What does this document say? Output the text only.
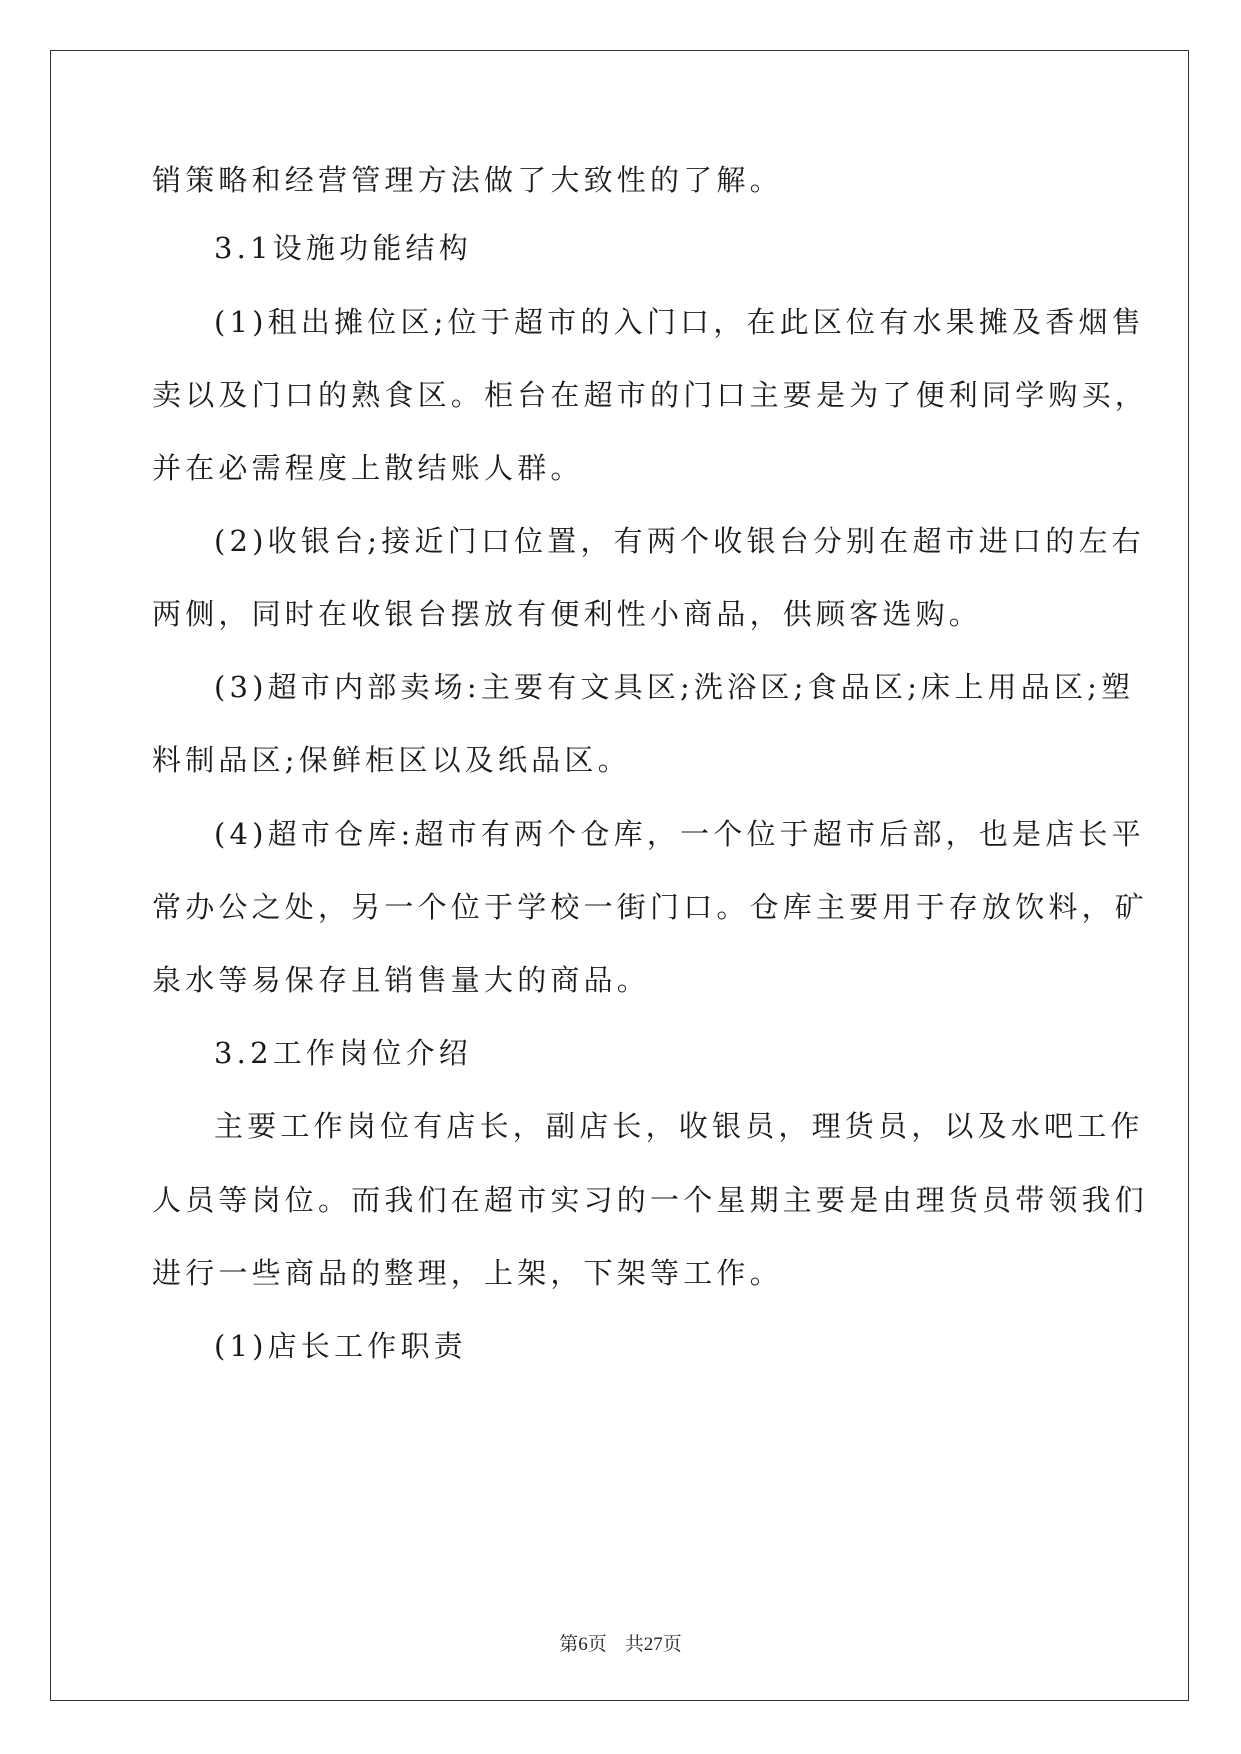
销策略和经营管理方法做了大致性的了解。
3.1设施功能结构
(1)租出摊位区;位于超市的入门口，在此区位有水果摊及香烟售
卖以及门口的熟食区。柜台在超市的门口主要是为了便利同学购买，
并在必需程度上散结账人群。
(2)收银台;接近门口位置，有两个收银台分别在超市进口的左右
两侧，同时在收银台摆放有便利性小商品，供顾客选购。
(3)超市内部卖场:主要有文具区;洗浴区;食品区;床上用品区;塑
料制品区;保鲜柜区以及纸品区。
(4)超市仓库:超市有两个仓库，一个位于超市后部，也是店长平
常办公之处，另一个位于学校一街门口。仓库主要用于存放饮料，矿
泉水等易保存且销售量大的商品。
3.2工作岗位介绍
主要工作岗位有店长，副店长，收银员，理货员，以及水吧工作
人员等岗位。而我们在超市实习的一个星期主要是由理货员带领我们
进行一些商品的整理，上架，下架等工作。
(1)店长工作职责
第6页 共27页
